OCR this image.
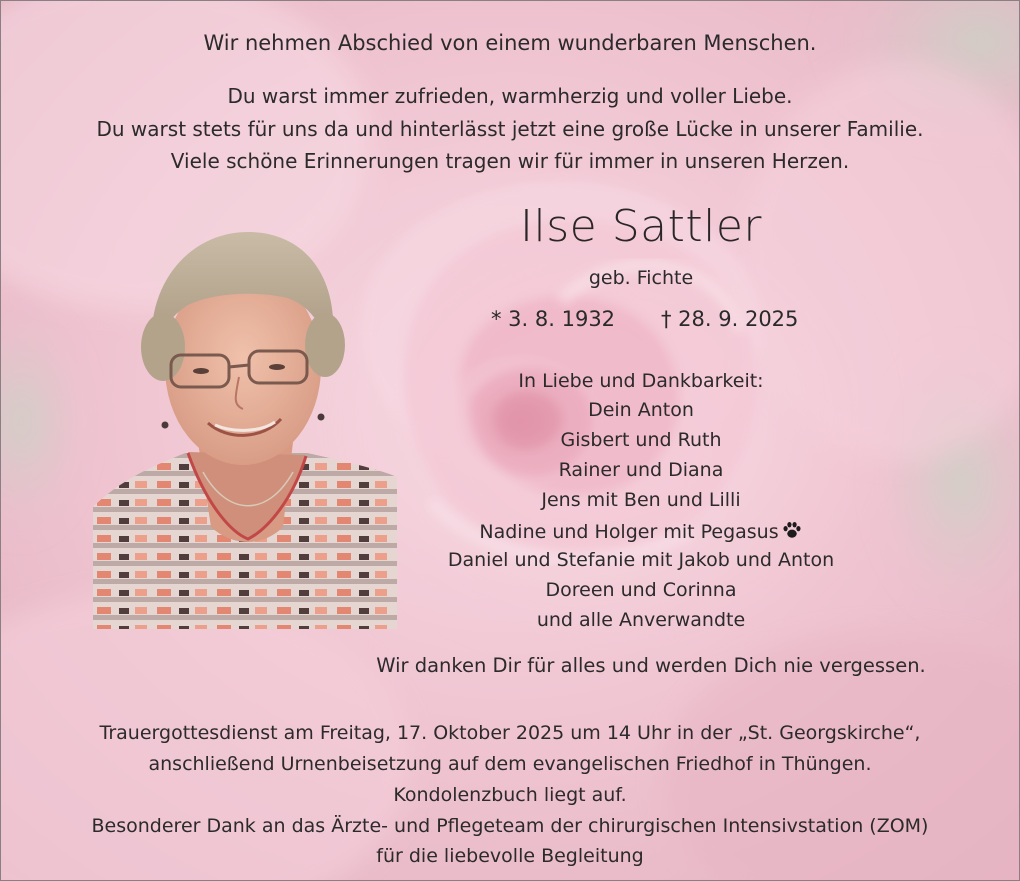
Wir nehmen Abschied von einem wunderbaren Menschen.
Du warst immer zufrieden, warmherzig und voller Liebe.
Du warst stets für uns da und hinterlässt jetzt eine große Lücke in unserer Familie.
Viele schöne Erinnerungen tragen wir für immer in unseren Herzen.
Ilse Sattler
geb. Fichte
* 3. 8. 1932 † 28. 9. 2025
In Liebe und Dankbarkeit:
Dein Anton
Gisbert und Ruth
Rainer und Diana
Jens mit Ben und Lilli
Nadine und Holger mit Pegasus
Daniel und Stefanie mit Jakob und Anton
Doreen und Corinna
und alle Anverwandte
Wir danken Dir für alles und werden Dich nie vergessen.
Trauergottesdienst am Freitag, 17. Oktober 2025 um 14 Uhr in der „St. Georgskirche“,
anschließend Urnenbeisetzung auf dem evangelischen Friedhof in Thüngen.
Kondolenzbuch liegt auf.
Besonderer Dank an das Ärzte- und Pflegeteam der chirurgischen Intensivstation (ZOM)
für die liebevolle Begleitung
